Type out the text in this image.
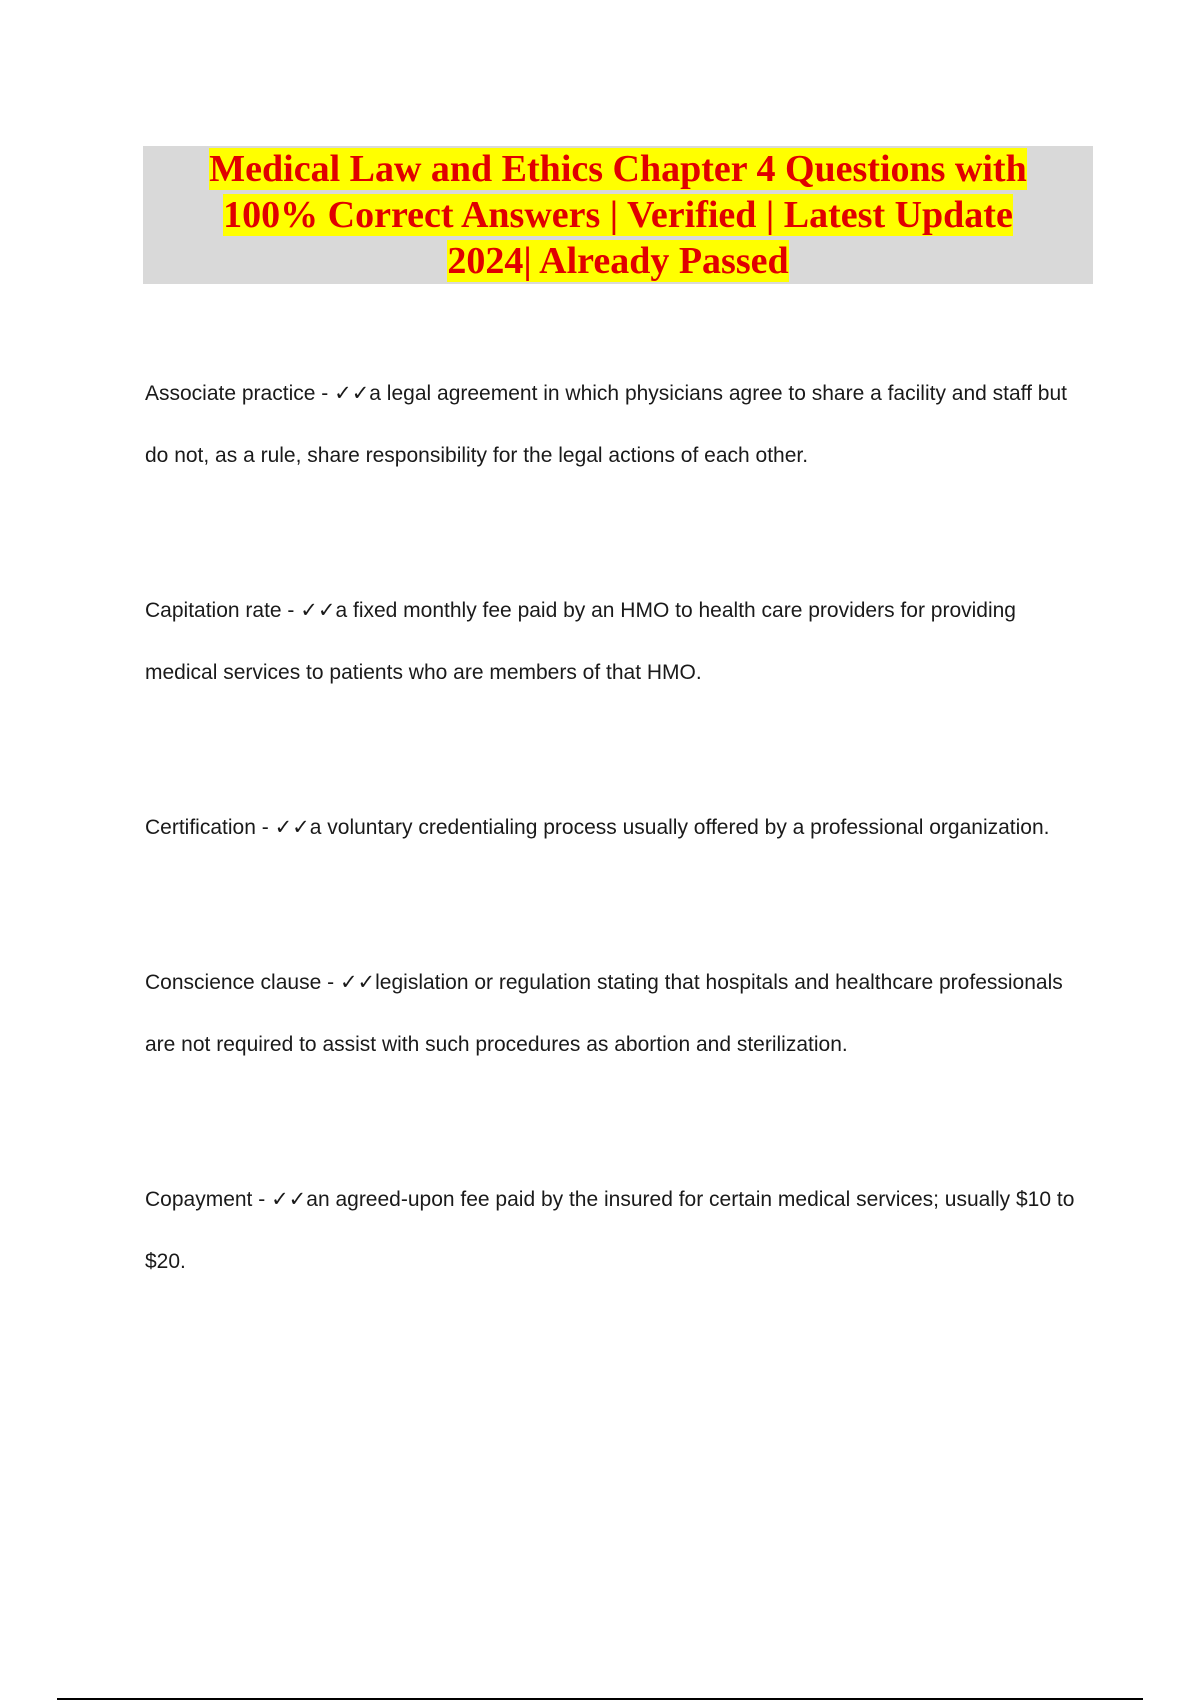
Medical Law and Ethics Chapter 4 Questions with
100% Correct Answers | Verified | Latest Update
2024| Already Passed

Associate practice - ✓✓a legal agreement in which physicians agree to share a facility and staff but do not, as a rule, share responsibility for the legal actions of each other.

Capitation rate - ✓✓a fixed monthly fee paid by an HMO to health care providers for providing medical services to patients who are members of that HMO.

Certification - ✓✓a voluntary credentialing process usually offered by a professional organization.

Conscience clause - ✓✓legislation or regulation stating that hospitals and healthcare professionals are not required to assist with such procedures as abortion and sterilization.

Copayment - ✓✓an agreed-upon fee paid by the insured for certain medical services; usually $10 to $20.
